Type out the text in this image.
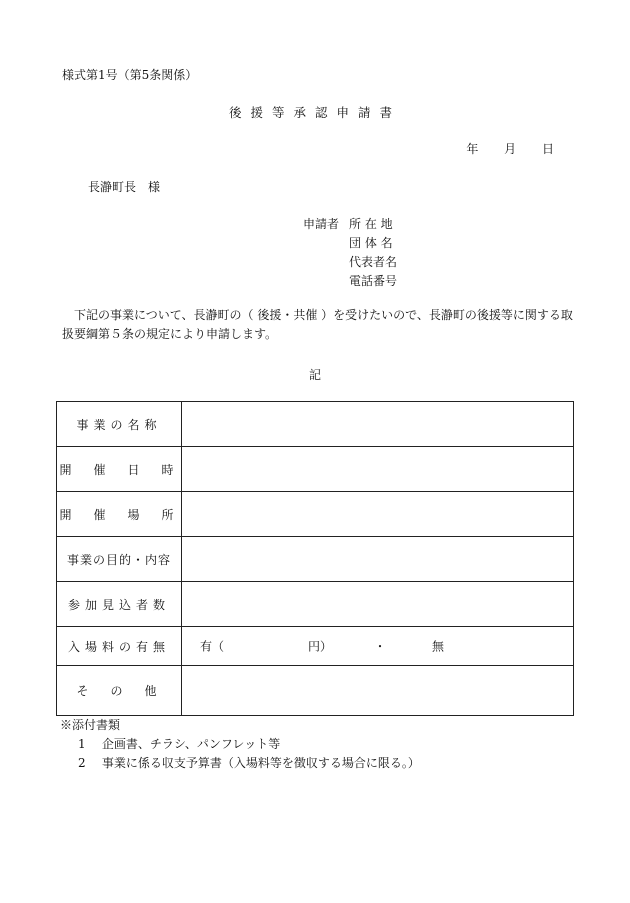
様式第1号（第5条関係）
後援等承認申請書
年 月 日
長瀞町長　様
申請者 所 在 地
団 体 名
代表者名
電話番号
下記の事業について、長瀞町の（ 後援・共催 ）を受けたいので、長瀞町の後援等に関する取扱要綱第５条の規定により申請します。
記
事業の名称	
開　催　日　時	
開　催　場　所	
事業の目的・内容	
参加見込者数	
入場料の有無	有（ 円） ・ 無

そ　の　他	
※添付書類
1 企画書、チラシ、パンフレット等
2 事業に係る収支予算書（入場料等を徴収する場合に限る。）
